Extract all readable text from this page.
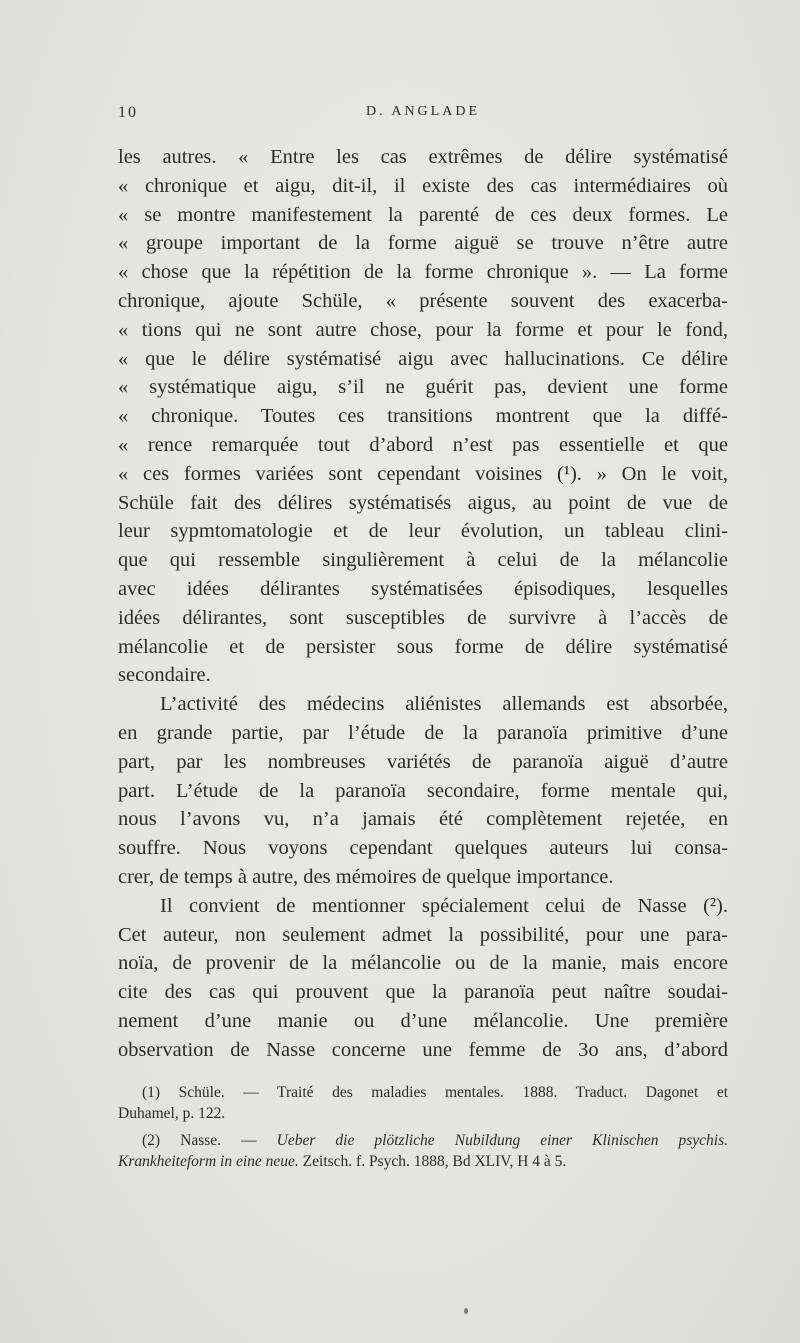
10	D. ANGLADE
les autres. « Entre les cas extrêmes de délire systématisé
« chronique et aigu, dit-il, il existe des cas intermédiaires où
« se montre manifestement la parenté de ces deux formes. Le
« groupe important de la forme aiguë se trouve n’être autre
« chose que la répétition de la forme chronique ». — La forme
chronique, ajoute Schüle, « présente souvent des exacerba-
« tions qui ne sont autre chose, pour la forme et pour le fond,
« que le délire systématisé aigu avec hallucinations. Ce délire
« systématique aigu, s’il ne guérit pas, devient une forme
« chronique. Toutes ces transitions montrent que la diffé-
« rence remarquée tout d’abord n’est pas essentielle et que
« ces formes variées sont cependant voisines (¹). » On le voit,
Schüle fait des délires systématisés aigus, au point de vue de
leur sypmtomatologie et de leur évolution, un tableau clini-
que qui ressemble singulièrement à celui de la mélancolie
avec idées délirantes systématisées épisodiques, lesquelles
idées délirantes, sont susceptibles de survivre à l’accès de
mélancolie et de persister sous forme de délire systématisé
secondaire.
L’activité des médecins aliénistes allemands est absorbée,
en grande partie, par l’étude de la paranoïa primitive d’une
part, par les nombreuses variétés de paranoïa aiguë d’autre
part. L’étude de la paranoïa secondaire, forme mentale qui,
nous l’avons vu, n’a jamais été complètement rejetée, en
souffre. Nous voyons cependant quelques auteurs lui consa-
crer, de temps à autre, des mémoires de quelque importance.
Il convient de mentionner spécialement celui de Nasse (²).
Cet auteur, non seulement admet la possibilité, pour une para-
noïa, de provenir de la mélancolie ou de la manie, mais encore
cite des cas qui prouvent que la paranoïa peut naître soudai-
nement d’une manie ou d’une mélancolie. Une première
observation de Nasse concerne une femme de 3o ans, d’abord
(1) Schüle. — Traité des maladies mentales. 1888. Traduct. Dagonet et
Duhamel, p. 122.
(2) Nasse. — Ueber die plötzliche Nubildung einer Klinischen psychis.
Krankheiteform in eine neue. Zeitsch. f. Psych. 1888, Bd XLIV, H 4 à 5.
